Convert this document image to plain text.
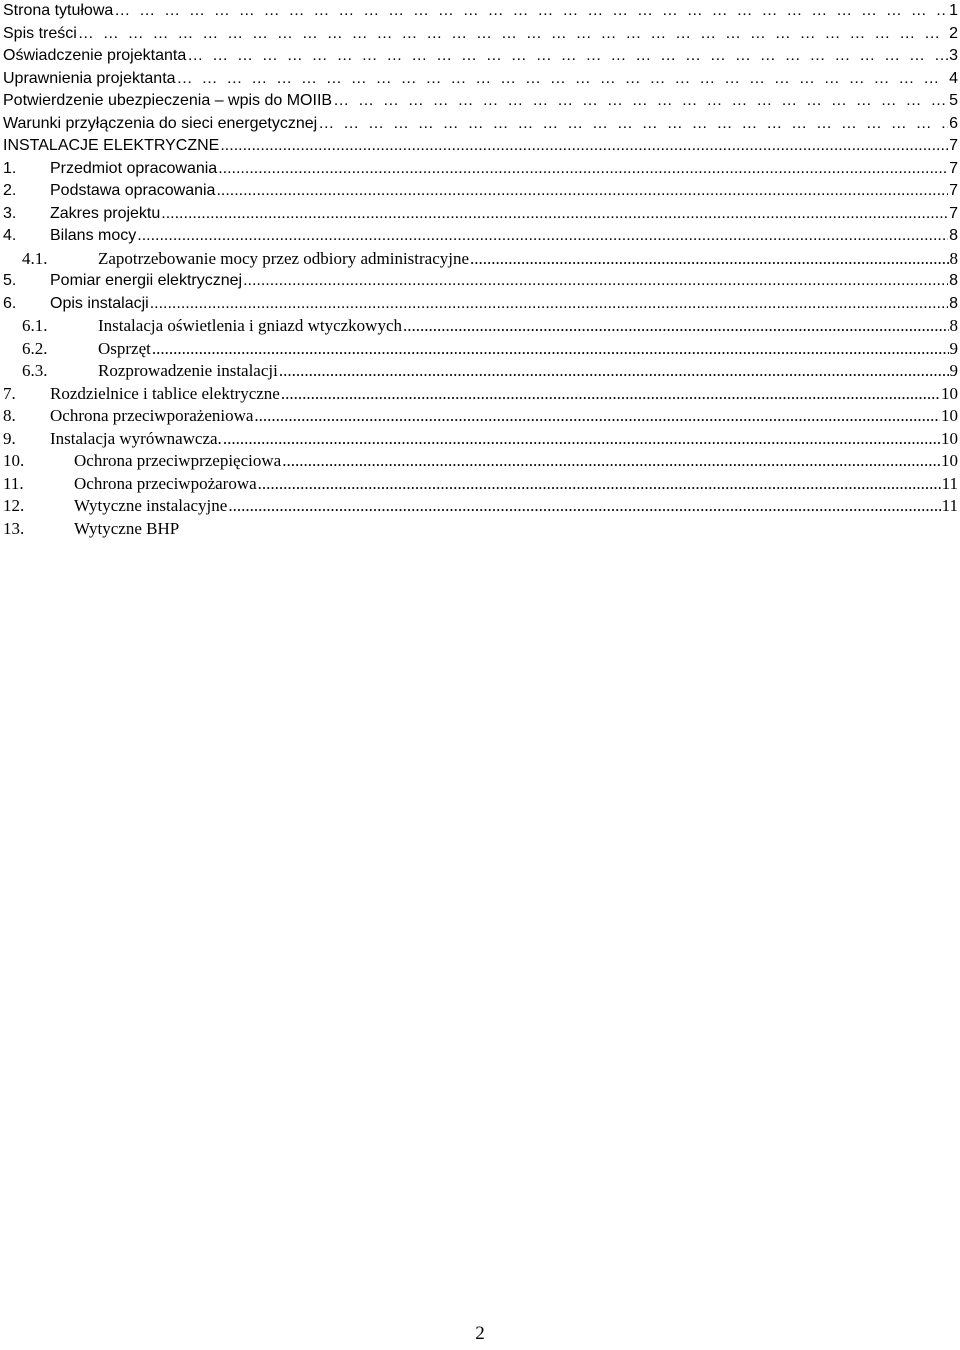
Strona tytułowa … … … … … … … … … … … … … … … … … … … … … … … … … … … … … … … … … … … … … … … … … … … … … … … … … … … … … … … … … …	1
Spis treści … … … … … … … … … … … … … … … … … … … … … … … … … … … … … … … … … … … … … … … … … … … … … … … … … … … … … … … … … …	2
Oświadczenie projektanta … … … … … … … … … … … … … … … … … … … … … … … … … … … … … … … … … … … … … … … … … … … … … … … … … … … … … … … … … …	3
Uprawnienia projektanta … … … … … … … … … … … … … … … … … … … … … … … … … … … … … … … … … … … … … … … … … … … … … … … … … … … … … … … … … …	4
Potwierdzenie ubezpieczenia – wpis do MOIIB … … … … … … … … … … … … … … … … … … … … … … … … … … … … … … … … … … … … … … … … … … … … … … … … … … … … … … … … … …	5
Warunki przyłączenia do sieci energetycznej … … … … … … … … … … … … … … … … … … … … … … … … … … … … … … … … … … … … … … … … … … … … … … … … … … … … … … … … … …	6
INSTALACJE ELEKTRYCZNE .....	7
1.	Przedmiot opracowania .....	7
2.	Podstawa opracowania .....	7
3.	Zakres projektu .....	7
4.	Bilans mocy .....	8
4.1.	Zapotrzebowanie mocy przez odbiory administracyjne .....	8
5.	Pomiar energii elektrycznej .....	8
6.	Opis instalacji .....	8
6.1.	Instalacja oświetlenia i gniazd wtyczkowych .....	8
6.2.	Osprzęt .....	9
6.3.	Rozprowadzenie instalacji .....	9
7.	Rozdzielnice i tablice elektryczne .....	10
8.	Ochrona przeciwporażeniowa .....	10
9.	Instalacja wyrównawcza. .....	10
10.	Ochrona przeciwprzepięciowa .....	10
11.	Ochrona przeciwpożarowa .....	11
12.	Wytyczne instalacyjne .....	11
13.	Wytyczne BHP
2
